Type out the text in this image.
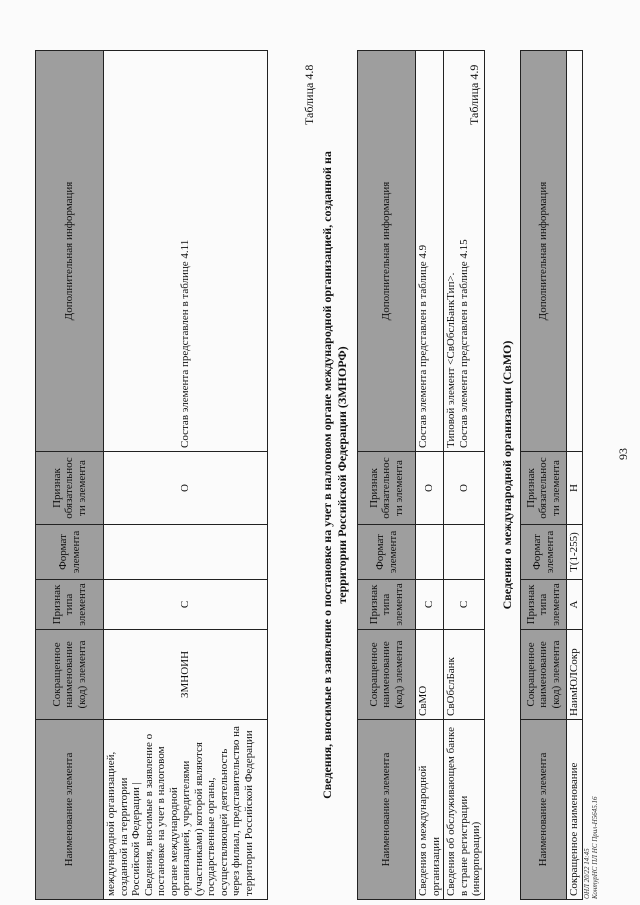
93
Наименование элемента	Сокращенное наименование (код) элемента	Признак типа элемента	Формат элемента	Признак обязательности элемента	Дополнительная информация
международной организацией, созданной на территории Российской Федерации |
Сведения, вносимые в заявление о постановке на учет в налоговом органе международной организацией, учредителями (участниками) которой являются государственные органы, осуществляющей деятельность через филиал, представительство на территории Российской Федерации	ЗМНОИН	С		О	Состав элемента представлен в таблице 4.11
Таблица 4.8
Сведения, вносимые в заявление о постановке на учет в налоговом органе международной организацией, созданной на территории Российской Федерации (ЗМНОРФ)
Наименование элемента	Сокращенное наименование (код) элемента	Признак типа элемента	Формат элемента	Признак обязательности элемента	Дополнительная информация
Сведения о международной организации	СвМО	С		О	Состав элемента представлен в таблице 4.9
Сведения об обслуживающем банке в стране регистрации (инкорпорации)	СвОбслБанк	С		О	Типовой элемент <СвОбслБанкТип>.
Состав элемента представлен в таблице 4.15
Таблица 4.9
Сведения о международной организации (СвМО)
Наименование элемента	Сокращенное наименование (код) элемента	Признак типа элемента	Формат элемента	Признак обязательности элемента	Дополнительная информация
Сокращенное наименование	НаимЮЛСокр	А	T(1-255)	Н	
ОНЛ 20/22 14:45 КонтурНС ПЛ НС Прил-Н5645.16
